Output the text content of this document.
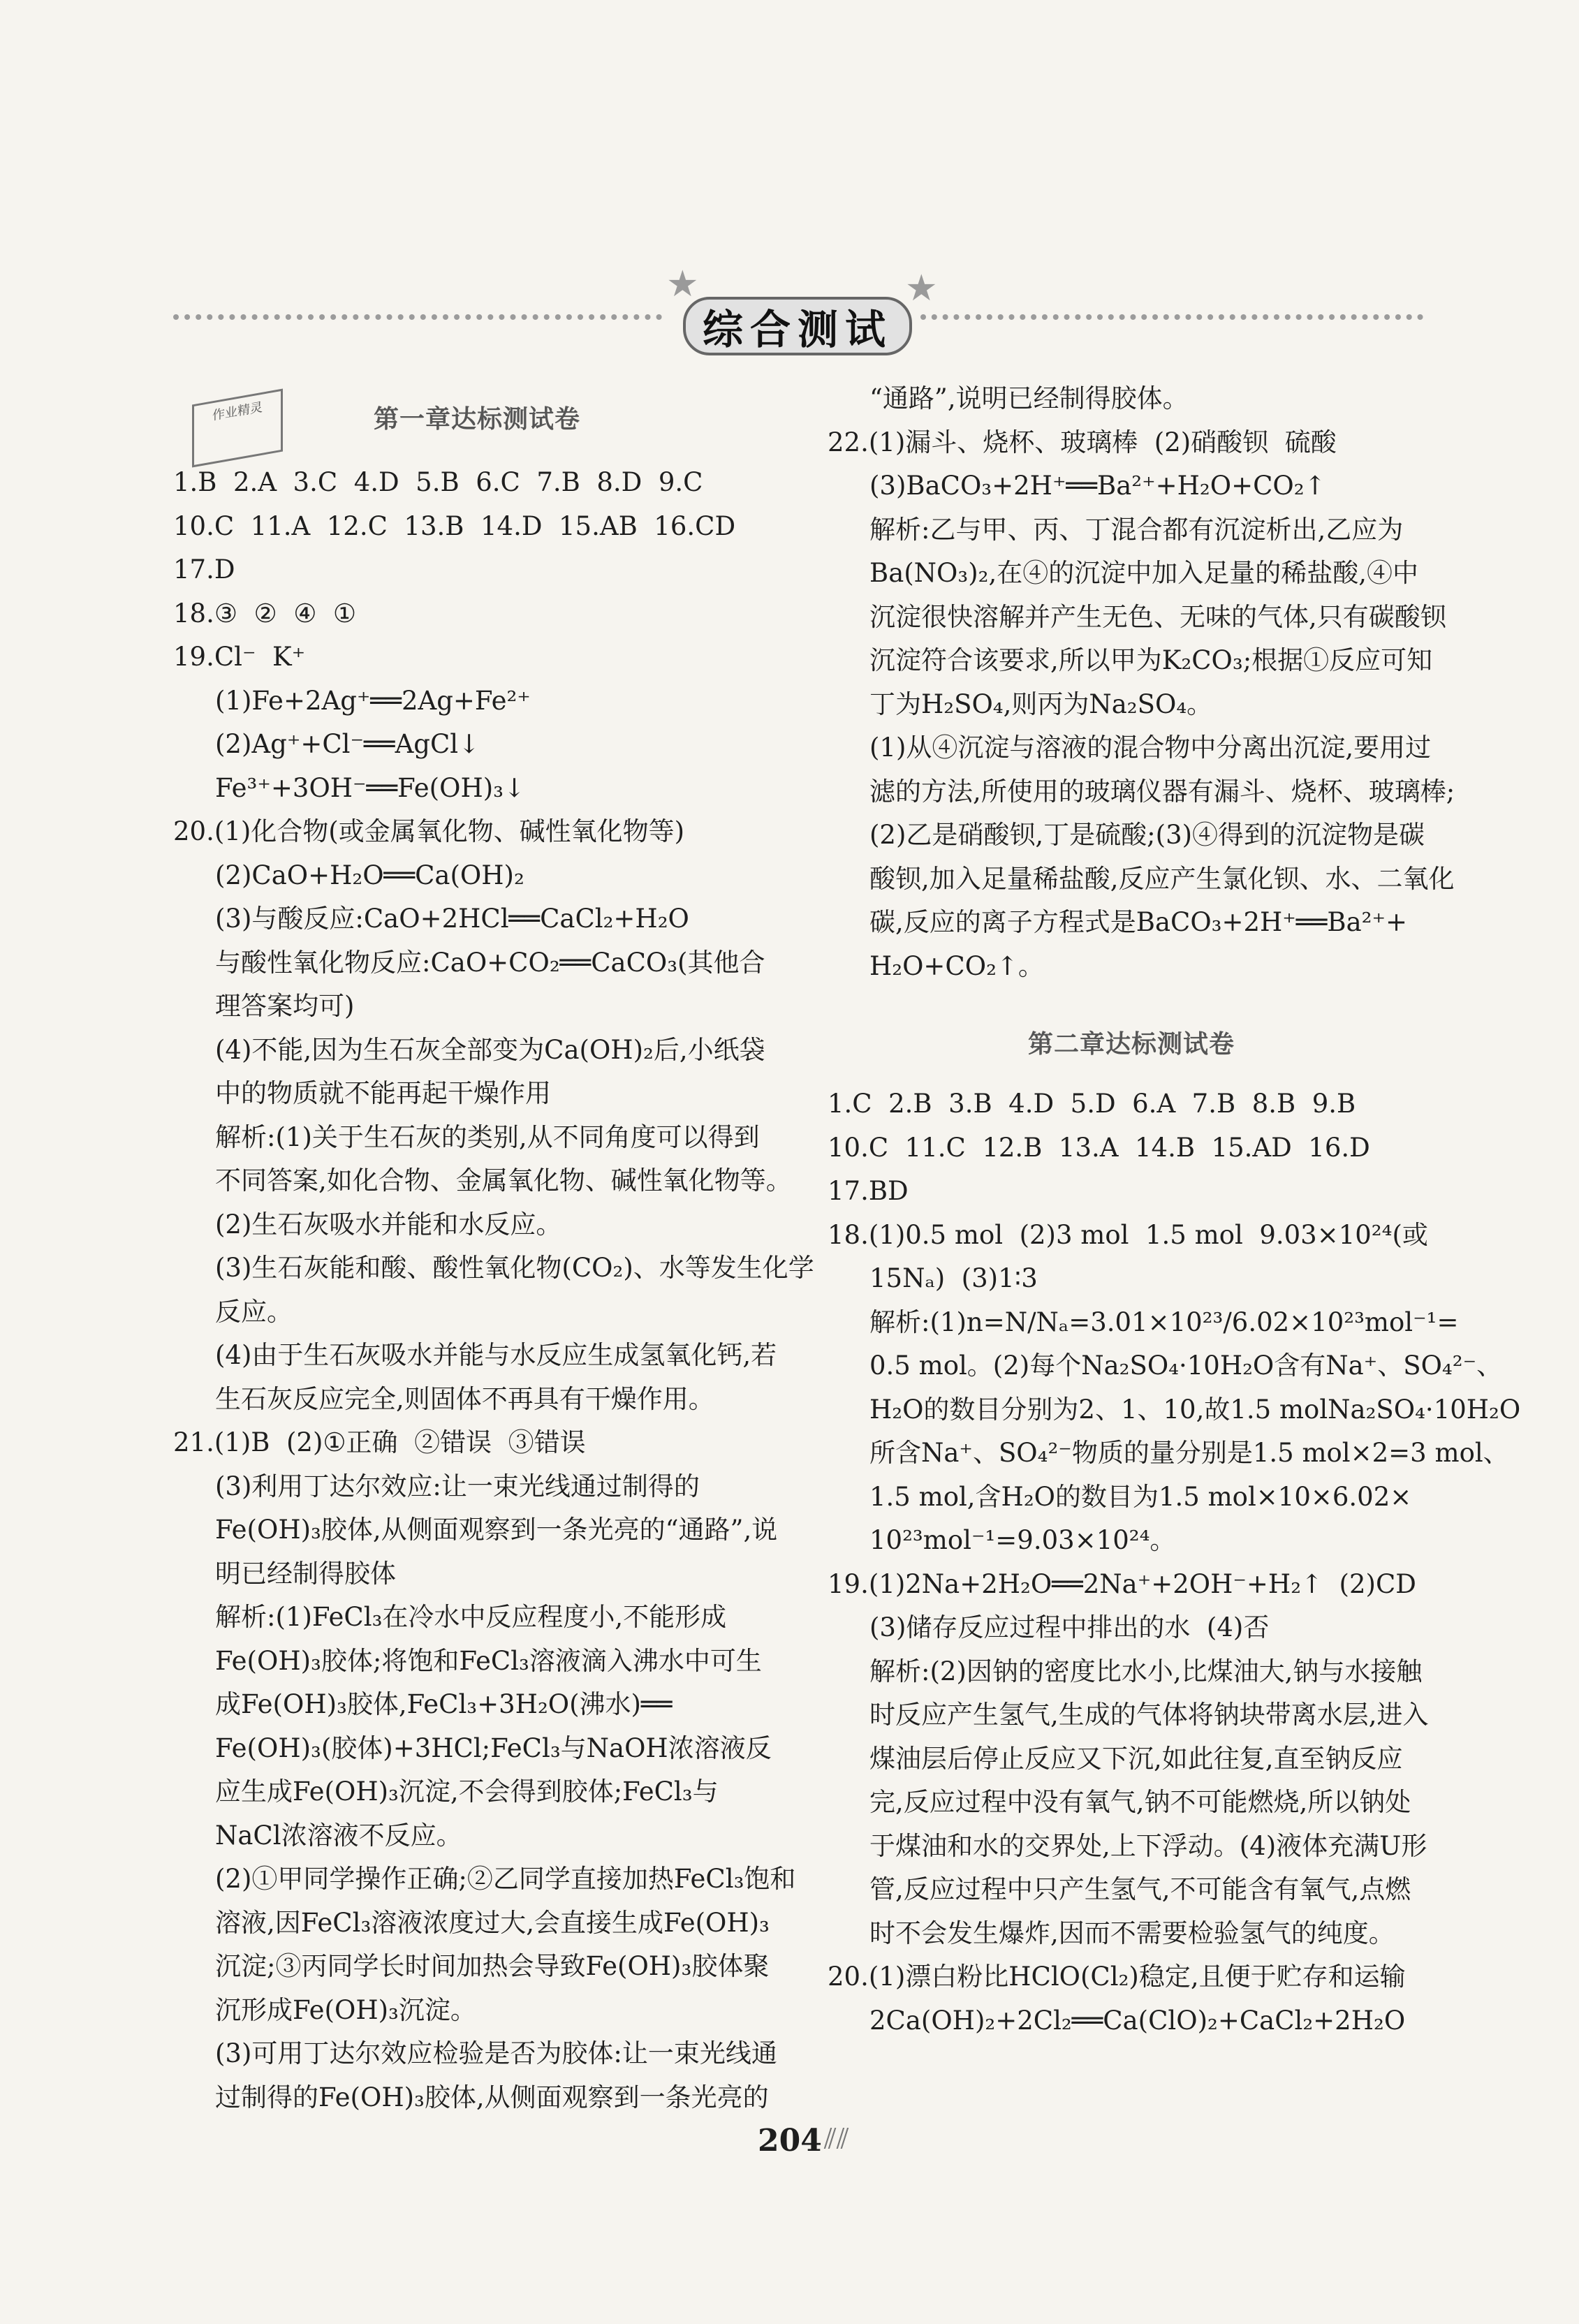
★
综合测试
★
作业精灵	第一章达标测试卷
1.B  2.A  3.C  4.D  5.B  6.C  7.B  8.D  9.C
10.C  11.A  12.C  13.B  14.D  15.AB  16.CD
17.D
18.③  ②  ④  ①
19.Cl⁻  K⁺
(1)Fe+2Ag⁺══2Ag+Fe²⁺
(2)Ag⁺+Cl⁻══AgCl↓
Fe³⁺+3OH⁻══Fe(OH)₃↓
20.(1)化合物(或金属氧化物、碱性氧化物等)
(2)CaO+H₂O══Ca(OH)₂
(3)与酸反应:CaO+2HCl══CaCl₂+H₂O
与酸性氧化物反应:CaO+CO₂══CaCO₃(其他合
理答案均可)
(4)不能,因为生石灰全部变为Ca(OH)₂后,小纸袋
中的物质就不能再起干燥作用
解析:(1)关于生石灰的类别,从不同角度可以得到
不同答案,如化合物、金属氧化物、碱性氧化物等。
(2)生石灰吸水并能和水反应。
(3)生石灰能和酸、酸性氧化物(CO₂)、水等发生化学
反应。
(4)由于生石灰吸水并能与水反应生成氢氧化钙,若
生石灰反应完全,则固体不再具有干燥作用。
21.(1)B  (2)①正确  ②错误  ③错误
(3)利用丁达尔效应:让一束光线通过制得的
Fe(OH)₃胶体,从侧面观察到一条光亮的“通路”,说
明已经制得胶体
解析:(1)FeCl₃在冷水中反应程度小,不能形成
Fe(OH)₃胶体;将饱和FeCl₃溶液滴入沸水中可生
成Fe(OH)₃胶体,FeCl₃+3H₂O(沸水)══
Fe(OH)₃(胶体)+3HCl;FeCl₃与NaOH浓溶液反
应生成Fe(OH)₃沉淀,不会得到胶体;FeCl₃与
NaCl浓溶液不反应。
(2)①甲同学操作正确;②乙同学直接加热FeCl₃饱和
溶液,因FeCl₃溶液浓度过大,会直接生成Fe(OH)₃
沉淀;③丙同学长时间加热会导致Fe(OH)₃胶体聚
沉形成Fe(OH)₃沉淀。
(3)可用丁达尔效应检验是否为胶体:让一束光线通
过制得的Fe(OH)₃胶体,从侧面观察到一条光亮的
“通路”,说明已经制得胶体。
22.(1)漏斗、烧杯、玻璃棒  (2)硝酸钡  硫酸
(3)BaCO₃+2H⁺══Ba²⁺+H₂O+CO₂↑
解析:乙与甲、丙、丁混合都有沉淀析出,乙应为
Ba(NO₃)₂,在④的沉淀中加入足量的稀盐酸,④中
沉淀很快溶解并产生无色、无味的气体,只有碳酸钡
沉淀符合该要求,所以甲为K₂CO₃;根据①反应可知
丁为H₂SO₄,则丙为Na₂SO₄。
(1)从④沉淀与溶液的混合物中分离出沉淀,要用过
滤的方法,所使用的玻璃仪器有漏斗、烧杯、玻璃棒;
(2)乙是硝酸钡,丁是硫酸;(3)④得到的沉淀物是碳
酸钡,加入足量稀盐酸,反应产生氯化钡、水、二氧化
碳,反应的离子方程式是BaCO₃+2H⁺══Ba²⁺+
H₂O+CO₂↑。
第二章达标测试卷
1.C  2.B  3.B  4.D  5.D  6.A  7.B  8.B  9.B
10.C  11.C  12.B  13.A  14.B  15.AD  16.D
17.BD
18.(1)0.5 mol  (2)3 mol  1.5 mol  9.03×10²⁴(或
15Nₐ)  (3)1∶3
解析:(1)n=N/Nₐ=3.01×10²³/6.02×10²³mol⁻¹=
0.5 mol。(2)每个Na₂SO₄·10H₂O含有Na⁺、SO₄²⁻、
H₂O的数目分别为2、1、10,故1.5 molNa₂SO₄·10H₂O
所含Na⁺、SO₄²⁻物质的量分别是1.5 mol×2=3 mol、
1.5 mol,含H₂O的数目为1.5 mol×10×6.02×
10²³mol⁻¹=9.03×10²⁴。
19.(1)2Na+2H₂O══2Na⁺+2OH⁻+H₂↑  (2)CD
(3)储存反应过程中排出的水  (4)否
解析:(2)因钠的密度比水小,比煤油大,钠与水接触
时反应产生氢气,生成的气体将钠块带离水层,进入
煤油层后停止反应又下沉,如此往复,直至钠反应
完,反应过程中没有氧气,钠不可能燃烧,所以钠处
于煤油和水的交界处,上下浮动。(4)液体充满U形
管,反应过程中只产生氢气,不可能含有氧气,点燃
时不会发生爆炸,因而不需要检验氢气的纯度。
20.(1)漂白粉比HClO(Cl₂)稳定,且便于贮存和运输
2Ca(OH)₂+2Cl₂══Ca(ClO)₂+CaCl₂+2H₂O
204 ⫽⫽
